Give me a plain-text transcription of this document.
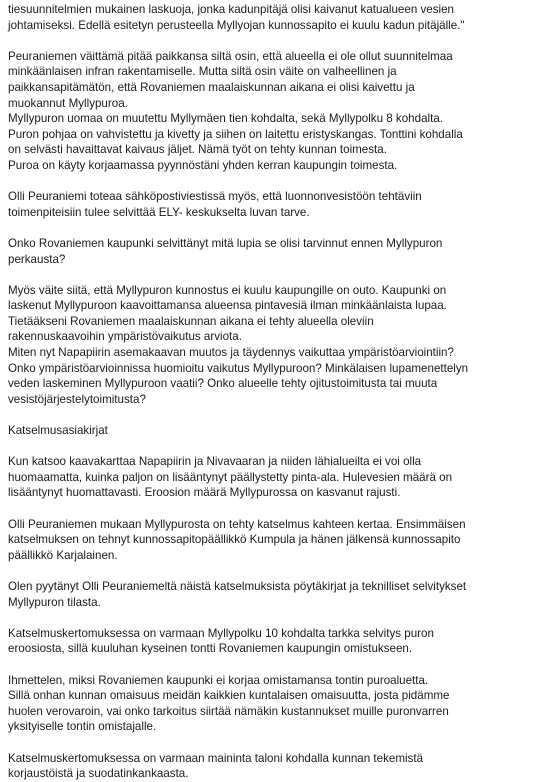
tiesuunnitelmien mukainen laskuoja, jonka kadunpitäjä olisi kaivanut katualueen vesien
johtamiseksi. Edellä esitetyn perusteella Myllyojan kunnossapito ei kuulu kadun pitäjälle."

Peuraniemen väittämä pitää paikkansa siltä osin, että alueella ei ole ollut suunnitelmaa
minkäänlaisen infran rakentamiselle. Mutta siltä osin väite on valheellinen ja
paikkansapitämätön, että Rovaniemen maalaiskunnan aikana ei olisi kaivettu ja
muokannut Myllypuroa.
Myllypuron uomaa on muutettu Myllymäen tien kohdalta, sekä Myllypolku 8 kohdalta.
Puron pohjaa on vahvistettu ja kivetty ja siihen on laitettu eristyskangas. Tonttini kohdalla
on selvästi havaittavat kaivaus jäljet. Nämä työt on tehty kunnan toimesta.
Puroa on käyty korjaamassa pyynnöstäni yhden kerran kaupungin toimesta.

Olli Peuraniemi toteaa sähköpostiviestissä myös, että luonnonvesistöön tehtäviin
toimenpiteisiin tulee selvittää ELY- keskukselta luvan tarve.

Onko Rovaniemen kaupunki selvittänyt mitä lupia se olisi tarvinnut ennen Myllypuron
perkausta?

Myös väite siitä, että Myllypuron kunnostus ei kuulu kaupungille on outo. Kaupunki on
laskenut Myllypuroon kaavoittamansa alueensa pintavesiä ilman minkäänlaista lupaa.
Tietääkseni Rovaniemen maalaiskunnan aikana ei tehty alueella oleviin
rakennuskaavoihin ympäristövaikutus arviota.
Miten nyt Napapiirin asemakaavan muutos ja täydennys vaikuttaa ympäristöarviointiin?
Onko ympäristöarvioinnissa huomioitu vaikutus Myllypuroon? Minkälaisen lupamenettelyn
veden laskeminen Myllypuroon vaatii? Onko alueelle tehty ojitustoimitusta tai muuta
vesistöjärjestelytoimitusta?

Katselmusasiakirjat

Kun katsoo kaavakarttaa Napapiirin ja Nivavaaran ja niiden lähialueilta ei voi olla
huomaamatta, kuinka paljon on lisääntynyt päällystetty pinta-ala. Hulevesien määrä on
lisääntynyt huomattavasti. Eroosion määrä Myllypurossa on kasvanut rajusti.

Olli Peuraniemen mukaan Myllypurosta on tehty katselmus kahteen kertaa. Ensimmäisen
katselmuksen on tehnyt kunnossapitopäällikkö Kumpula ja hänen jälkensä kunnossapito
päällikkö Karjalainen.

Olen pyytänyt Olli Peuraniemeltä näistä katselmuksista pöytäkirjat ja teknilliset selvitykset
Myllypuron tilasta.

Katselmuskertomuksessa on varmaan Myllypolku 10 kohdalta tarkka selvitys puron
eroosiosta, sillä kuuluhan kyseinen tontti Rovaniemen kaupungin omistukseen.

Ihmettelen, miksi Rovaniemen kaupunki ei korjaa omistamansa tontin puroaluetta.
Sillä onhan kunnan omaisuus meidän kaikkien kuntalaisen omaisuutta, josta pidämme
huolen verovaroin, vai onko tarkoitus siirtää nämäkin kustannukset muille puronvarren
yksityiselle tontin omistajalle.

Katselmuskertomuksessa on varmaan maininta taloni kohdalla kunnan tekemistä
korjaustöistä ja suodatinkankaasta.
